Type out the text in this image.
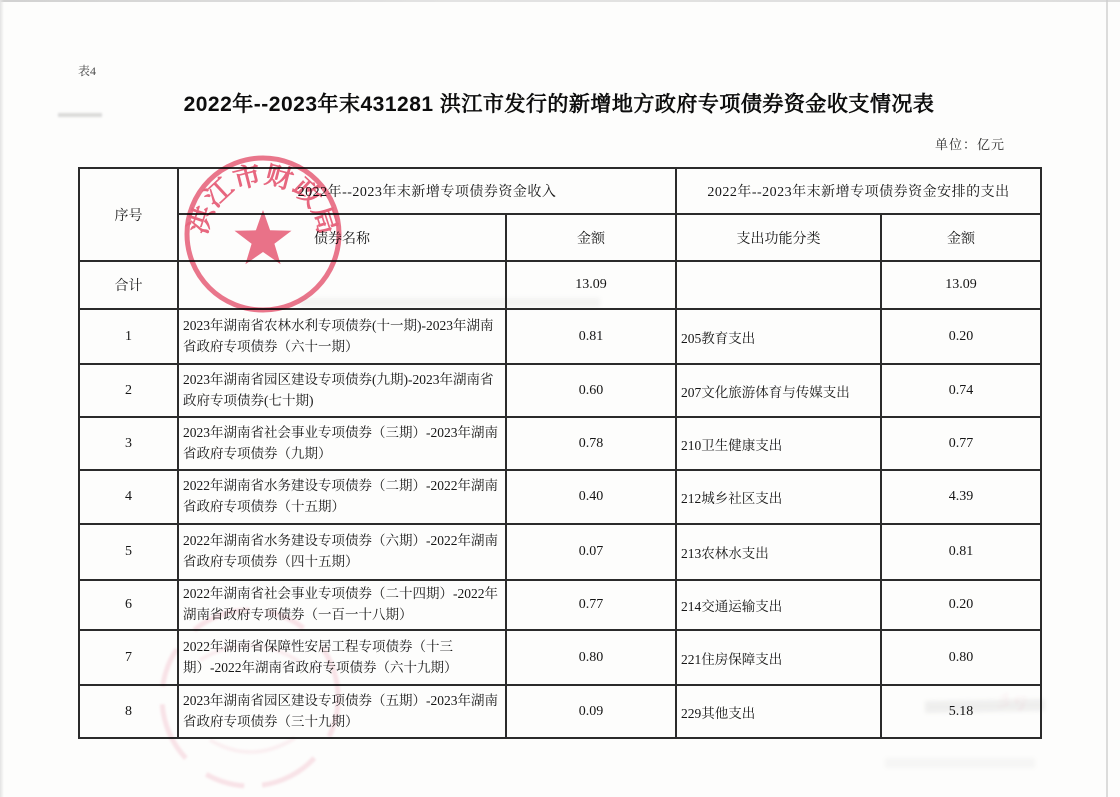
表4
2022年--2023年末431281 洪江市发行的新增地方政府专项债券资金收支情况表
单位：亿元
序号	2022年--2023年末新增专项债券资金收入		2022年--2023年末新增专项债券资金安排的支出	
	债券名称	金额	支出功能分类	金额
合计		13.09		13.09
1	2023年湖南省农林水利专项债券(十一期)-2023年湖南省政府专项债券（六十一期）	0.81	205教育支出	0.20
2	2023年湖南省园区建设专项债券(九期)-2023年湖南省政府专项债券(七十期)	0.60	207文化旅游体育与传媒支出	0.74
3	2023年湖南省社会事业专项债券（三期）-2023年湖南省政府专项债券（九期）	0.78	210卫生健康支出	0.77
4	2022年湖南省水务建设专项债券（二期）-2022年湖南省政府专项债券（十五期）	0.40	212城乡社区支出	4.39
5	2022年湖南省水务建设专项债券（六期）-2022年湖南省政府专项债券（四十五期）	0.07	213农林水支出	0.81
6	2022年湖南省社会事业专项债券（二十四期）-2022年湖南省政府专项债券（一百一十八期）	0.77	214交通运输支出	0.20
7	2022年湖南省保障性安居工程专项债券（十三期）-2022年湖南省政府专项债券（六十九期）	0.80	221住房保障支出	0.80
8	2023年湖南省园区建设专项债券（五期）-2023年湖南省政府专项债券（三十九期）	0.09	229其他支出	5.18
洪江市财政局
彡亏
